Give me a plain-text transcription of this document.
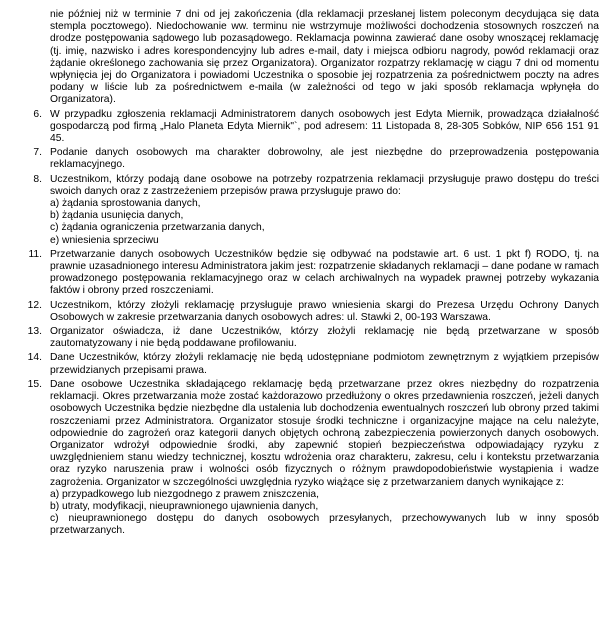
nie później niż w terminie 7 dni od jej zakończenia (dla reklamacji przesłanej listem poleconym decydująca się data stempla pocztowego). Niedochowanie ww. terminu nie wstrzymuje możliwości dochodzenia stosownych roszczeń na drodze postępowania sądowego lub pozasądowego. Reklamacja powinna zawierać dane osoby wnoszącej reklamację (tj. imię, nazwisko i adres korespondencyjny lub adres e-mail, daty i miejsca odbioru nagrody, powód reklamacji oraz żądanie określonego zachowania się przez Organizatora). Organizator rozpatrzy reklamację w ciągu 7 dni od momentu wpłynięcia jej do Organizatora i powiadomi Uczestnika o sposobie jej rozpatrzenia za pośrednictwem poczty na adres podany w liście lub za pośrednictwem e-maila (w zależności od tego w jaki sposób reklamacja wpłynęła do Organizatora).
6. W przypadku zgłoszenia reklamacji Administratorem danych osobowych jest Edyta Miernik, prowadząca działalność gospodarczą pod firmą „Halo Planeta Edyta Miernik"`, pod adresem: 11 Listopada 8, 28-305 Sobków, NIP 656 151 91 45.
7. Podanie danych osobowych ma charakter dobrowolny, ale jest niezbędne do przeprowadzenia postępowania reklamacyjnego.
8. Uczestnikom, którzy podają dane osobowe na potrzeby rozpatrzenia reklamacji przysługuje prawo dostępu do treści swoich danych oraz z zastrzeżeniem przepisów prawa przysługuje prawo do:
a) żądania sprostowania danych,
b) żądania usunięcia danych,
c) żądania ograniczenia przetwarzania danych,
e) wniesienia sprzeciwu
11. Przetwarzanie danych osobowych Uczestników będzie się odbywać na podstawie art. 6 ust. 1 pkt f) RODO, tj. na prawnie uzasadnionego interesu Administratora jakim jest: rozpatrzenie składanych reklamacji – dane podane w ramach prowadzonego postępowania reklamacyjnego oraz w celach archiwalnych na wypadek prawnej potrzeby wykazania faktów i obrony przed roszczeniami.
12. Uczestnikom, którzy złożyli reklamację przysługuje prawo wniesienia skargi do Prezesa Urzędu Ochrony Danych Osobowych w zakresie przetwarzania danych osobowych adres: ul. Stawki 2, 00-193 Warszawa.
13. Organizator oświadcza, iż dane Uczestników, którzy złożyli reklamację nie będą przetwarzane w sposób zautomatyzowany i nie będą poddawane profilowaniu.
14. Dane Uczestników, którzy złożyli reklamację nie będą udostępniane podmiotom zewnętrznym z wyjątkiem przepisów przewidzianych przepisami prawa.
15. Dane osobowe Uczestnika składającego reklamację będą przetwarzane przez okres niezbędny do rozpatrzenia reklamacji. Okres przetwarzania może zostać każdorazowo przedłużony o okres przedawnienia roszczeń, jeżeli danych osobowych Uczestnika będzie niezbędne dla ustalenia lub dochodzenia ewentualnych roszczeń lub obrony przed takimi roszczeniami przez Administratora. Organizator stosuje środki techniczne i organizacyjne mające na celu należyte, odpowiednie do zagrożeń oraz kategorii danych objętych ochroną zabezpieczenia powierzonych danych osobowych. Organizator wdrożył odpowiednie środki, aby zapewnić stopień bezpieczeństwa odpowiadający ryzyku z uwzględnieniem stanu wiedzy technicznej, kosztu wdrożenia oraz charakteru, zakresu, celu i kontekstu przetwarzania oraz ryzyko naruszenia praw i wolności osób fizycznych o różnym prawdopodobieństwie wystąpienia i wadze zagrożenia. Organizator w szczególności uwzględnia ryzyko wiążące się z przetwarzaniem danych wynikające z:
a) przypadkowego lub niezgodnego z prawem zniszczenia,
b) utraty, modyfikacji, nieuprawnionego ujawnienia danych,
c) nieuprawnionego dostępu do danych osobowych przesyłanych, przechowywanych lub w inny sposób przetwarzanych.
